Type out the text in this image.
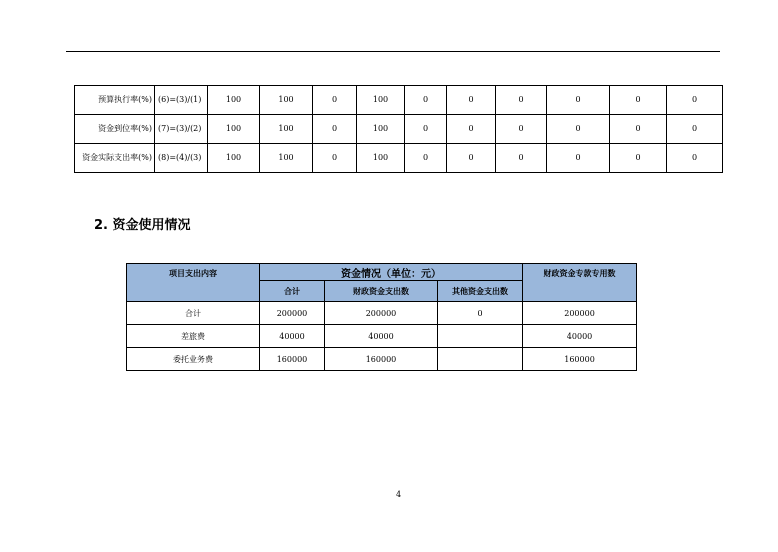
预算执行率(%)	(6)=(3)/(1)	100	100	0	100	0	0	0	0	0	0
资金到位率(%)	(7)=(3)/(2)	100	100	0	100	0	0	0	0	0	0
资金实际支出率(%)	(8)=(4)/(3)	100	100	0	100	0	0	0	0	0	0
2. 资金使用情况
项目支出内容	资金情况（单位：元）			财政资金专款专用数
	合计	财政资金支出数	其他资金支出数	
合计	200000	200000	0	200000
差旅费	40000	40000		40000
委托业务费	160000	160000		160000
4
